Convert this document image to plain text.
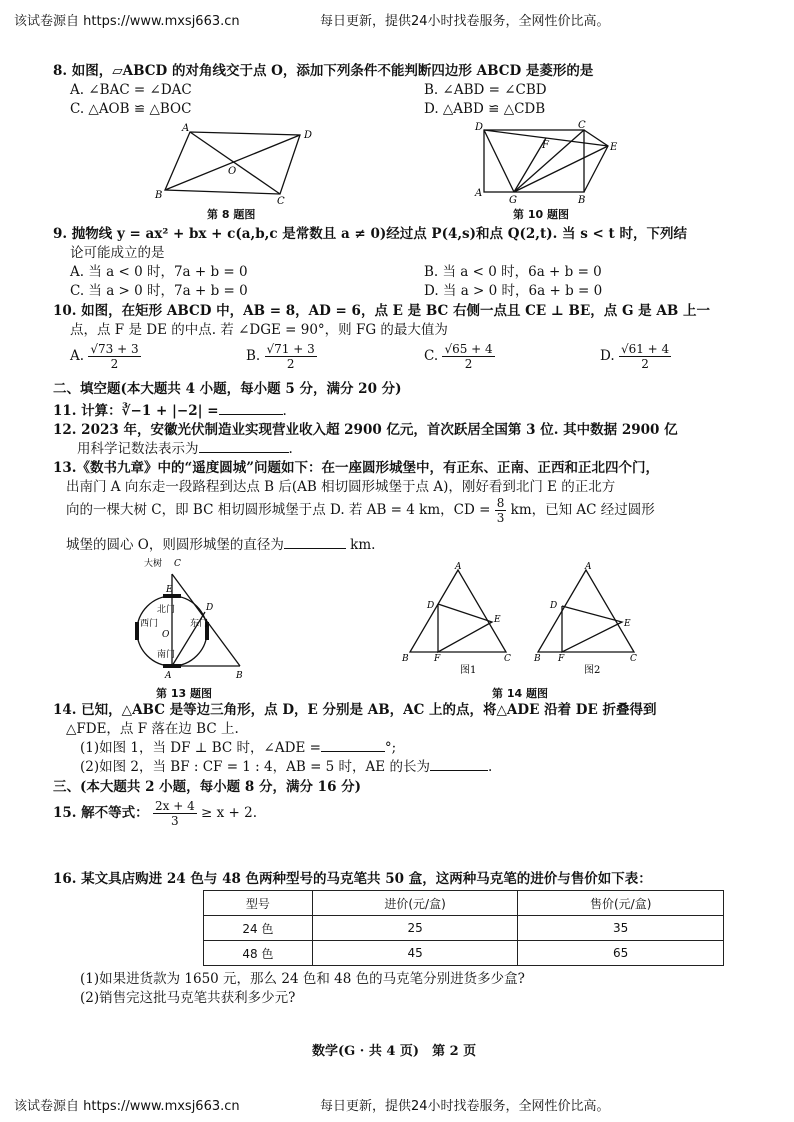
该试卷源自 https://www.mxsj663.cn	每日更新，提供24小时找卷服务，全网性价比高。
8. 如图，▱ABCD 的对角线交于点 O，添加下列条件不能判断四边形 ABCD 是菱形的是
A. ∠BAC = ∠DAC	B. ∠ABD = ∠CBD
C. △AOB ≌ △BOC	D. △ABD ≌ △CDB
A
D
B
C
O
第 8 题图
D	C
E
F
A
G	B
第 10 题图
9. 抛物线 y = ax² + bx + c(a,b,c 是常数且 a ≠ 0)经过点 P(4,s)和点 Q(2,t). 当 s < t 时，下列结
论可能成立的是
A. 当 a < 0 时，7a + b = 0	B. 当 a < 0 时，6a + b = 0
C. 当 a > 0 时，7a + b = 0	D. 当 a > 0 时，6a + b = 0
10. 如图，在矩形 ABCD 中，AB = 8，AD = 6，点 E 是 BC 右侧一点且 CE ⊥ BE，点 G 是 AB 上一
点，点 F 是 DE 的中点. 若 ∠DGE = 90°，则 FG 的最大值为
A. $\frac{√73 + 3}{2}$	B. $\frac{√71 + 3}{2}$	C. $\frac{√65 + 4}{2}$	D. $\frac{√61 + 4}{2}$
二、填空题(本大题共 4 小题，每小题 5 分，满分 20 分)
11. 计算：∛−1 + |−2| =	.
12. 2023 年，安徽光伏制造业实现营业收入超 2900 亿元，首次跃居全国第 3 位. 其中数据 2900 亿
用科学记数法表示为	.
13.《数书九章》中的“遥度圆城”问题如下：在一座圆形城堡中，有正东、正南、正西和正北四个门，
出南门 A 向东走一段路程到达点 B 后(AB 相切圆形城堡于点 A)，刚好看到北门 E 的正北方
向的一棵大树 C，即 BC 相切圆形城堡于点 D. 若 AB = 4 km，CD = $\frac{8}{3}$ km，已知 AC 经过圆形
城堡的圆心 O，则圆形城堡的直径为	km.
大树 C
E
北门
南门
西门	东门
O
D
A	B
第 13 题图
A
D
E
B	F	C
A
D
E
B F	C
图1	图2
第 14 题图
14. 已知，△ABC 是等边三角形，点 D，E 分别是 AB，AC 上的点，将△ADE 沿着 DE 折叠得到
△FDE，点 F 落在边 BC 上.
(1)如图 1，当 DF ⊥ BC 时，∠ADE =	°;
(2)如图 2，当 BF : CF = 1 : 4，AB = 5 时，AE 的长为	.
三、(本大题共 2 小题，每小题 8 分，满分 16 分)
15. 解不等式： $\frac{2x + 4}{3} \ge x + 2$.
16. 某文具店购进 24 色与 48 色两种型号的马克笔共 50 盒，这两种马克笔的进价与售价如下表：
型号	进价(元/盒)	售价(元/盒)
24 色	25	35
48 色	45	65
(1)如果进货款为 1650 元，那么 24 色和 48 色的马克笔分别进货多少盒?
(2)销售完这批马克笔共获利多少元?
数学(G · 共 4 页)　第 2 页
该试卷源自 https://www.mxsj663.cn	每日更新，提供24小时找卷服务，全网性价比高。
